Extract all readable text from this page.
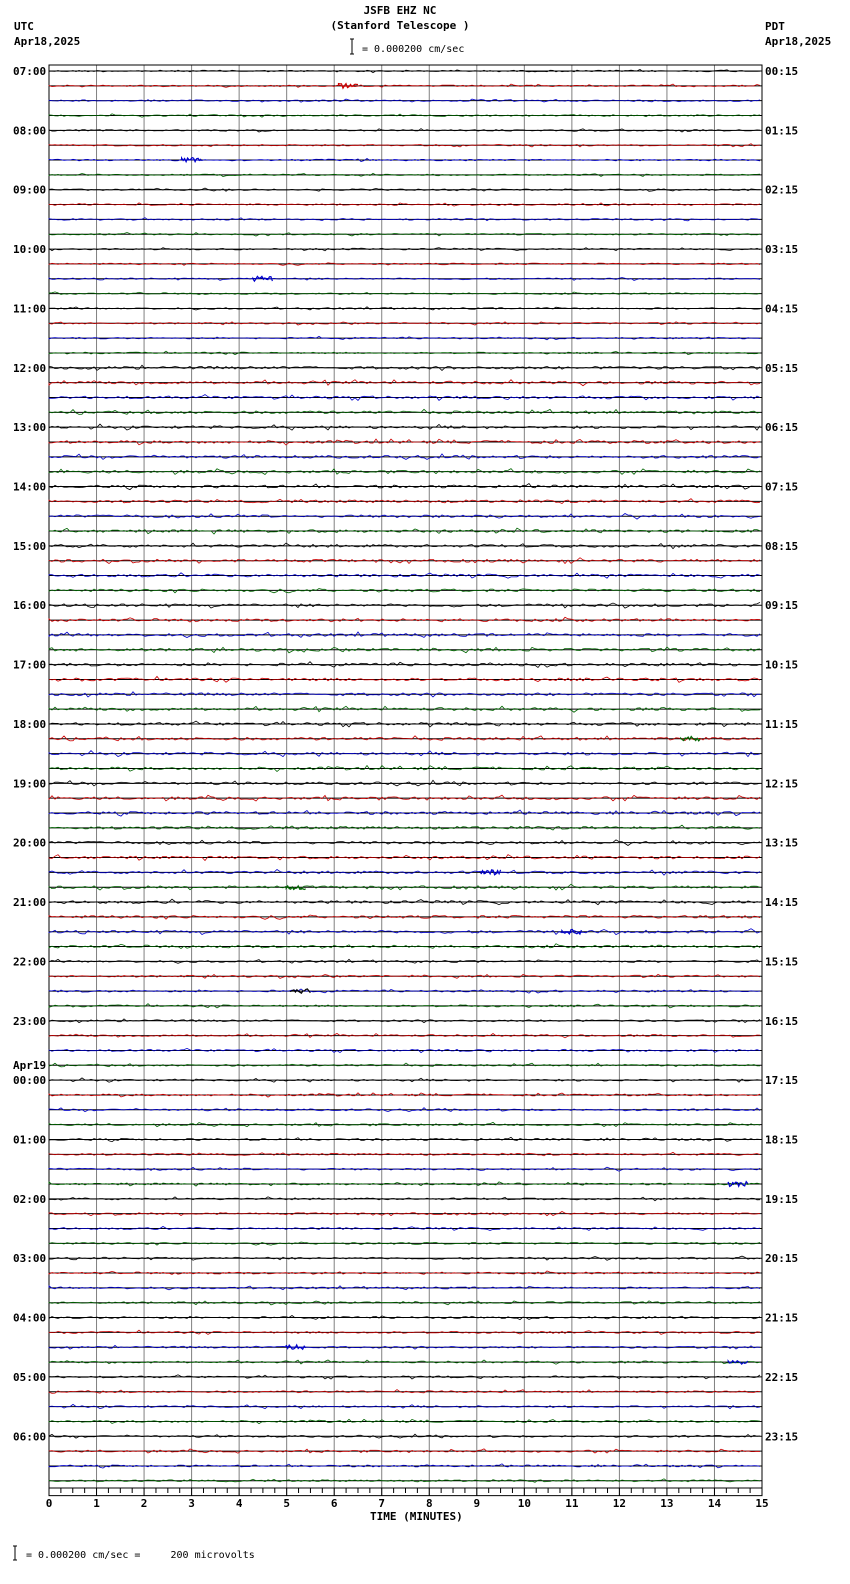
JSFB EHZ NC
(Stanford Telescope )
UTC
Apr18,2025
PDT
Apr18,2025
= 0.000200 cm/sec
= 0.000200 cm/sec =     200 microvolts
TIME (MINUTES)
07:00
08:00
09:00
10:00
11:00
12:00
13:00
14:00
15:00
16:00
17:00
18:00
19:00
20:00
21:00
22:00
23:00
00:00
01:00
02:00
03:00
04:00
05:00
06:00
Apr19
00:15
01:15
02:15
03:15
04:15
05:15
06:15
07:15
08:15
09:15
10:15
11:15
12:15
13:15
14:15
15:15
16:15
17:15
18:15
19:15
20:15
21:15
22:15
23:15
0	1	2	3	4	5	6	7	8	9	10	11	12	13	14	15
